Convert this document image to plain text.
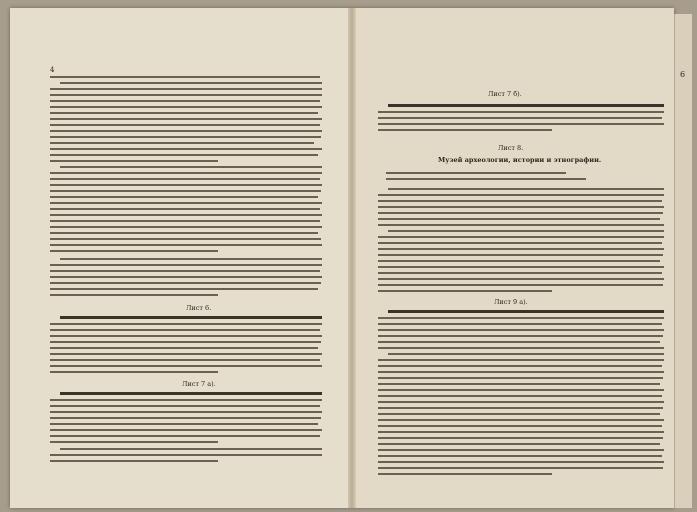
4
Лист 6.
Лист 7 а).
Лист 7 б).
Лист 8.
Музей археологии, истории и этнографии.
Лист 9 а).
6
